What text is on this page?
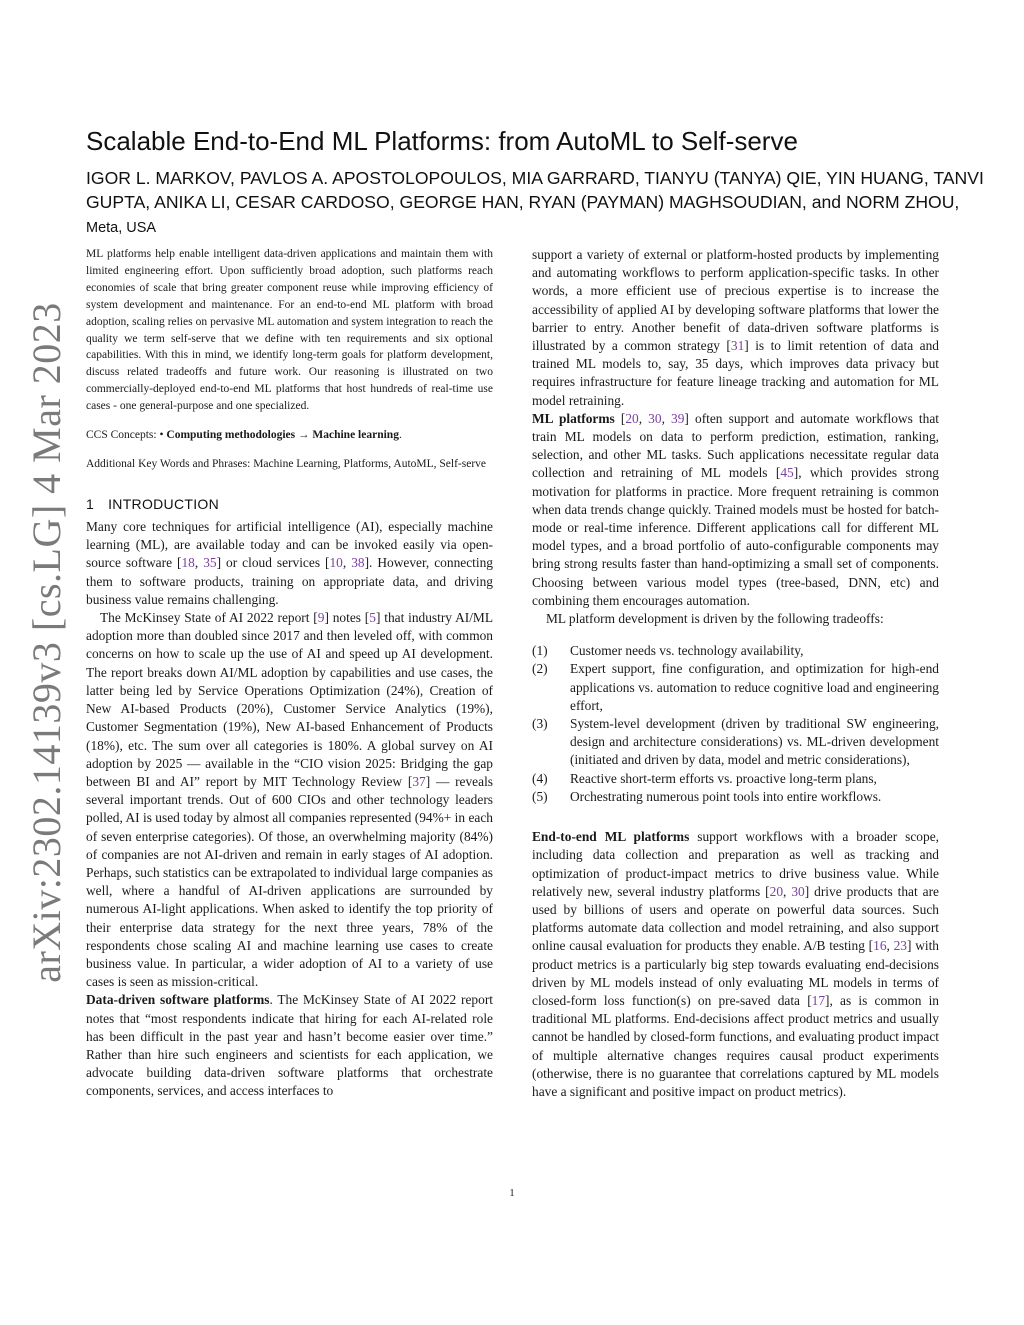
arXiv:2302.14139v3 [cs.LG] 4 Mar 2023
Scalable End-to-End ML Platforms: from AutoML to Self-serve
IGOR L. MARKOV, PAVLOS A. APOSTOLOPOULOS, MIA GARRARD, TIANYU (TANYA) QIE, YIN HUANG, TANVI GUPTA, ANIKA LI, CESAR CARDOSO, GEORGE HAN, RYAN (PAYMAN) MAGHSOUDIAN, and NORM ZHOU, Meta, USA

ML platforms help enable intelligent data-driven applications and maintain them with limited engineering effort. Upon sufficiently broad adoption, such platforms reach economies of scale that bring greater component reuse while improving efficiency of system development and maintenance. For an end-to-end ML platform with broad adoption, scaling relies on pervasive ML automation and system integration to reach the quality we term self-serve that we define with ten requirements and six optional capabilities. With this in mind, we identify long-term goals for platform development, discuss related tradeoffs and future work. Our reasoning is illustrated on two commercially-deployed end-to-end ML platforms that host hundreds of real-time use cases - one general-purpose and one specialized.

CCS Concepts: • Computing methodologies → Machine learning.

Additional Key Words and Phrases: Machine Learning, Platforms, AutoML, Self-serve

1 INTRODUCTION

Many core techniques for artificial intelligence (AI), especially machine learning (ML), are available today and can be invoked easily via open-source software [18, 35] or cloud services [10, 38]. However, connecting them to software products, training on appropriate data, and driving business value remains challenging.

The McKinsey State of AI 2022 report [9] notes [5] that industry AI/ML adoption more than doubled since 2017 and then leveled off, with common concerns on how to scale up the use of AI and speed up AI development. The report breaks down AI/ML adoption by capabilities and use cases, the latter being led by Service Operations Optimization (24%), Creation of New AI-based Products (20%), Customer Service Analytics (19%), Customer Segmentation (19%), New AI-based Enhancement of Products (18%), etc. The sum over all categories is 180%. A global survey on AI adoption by 2025 — available in the “CIO vision 2025: Bridging the gap between BI and AI” report by MIT Technology Review [37] — reveals several important trends. Out of 600 CIOs and other technology leaders polled, AI is used today by almost all companies represented (94%+ in each of seven enterprise categories). Of those, an overwhelming majority (84%) of companies are not AI-driven and remain in early stages of AI adoption. Perhaps, such statistics can be extrapolated to individual large companies as well, where a handful of AI-driven applications are surrounded by numerous AI-light applications. When asked to identify the top priority of their enterprise data strategy for the next three years, 78% of the respondents chose scaling AI and machine learning use cases to create business value. In particular, a wider adoption of AI to a variety of use cases is seen as mission-critical.

Data-driven software platforms. The McKinsey State of AI 2022 report notes that “most respondents indicate that hiring for each AI-related role has been difficult in the past year and hasn’t become easier over time.” Rather than hire such engineers and scientists for each application, we advocate building data-driven software platforms that orchestrate components, services, and access interfaces to

support a variety of external or platform-hosted products by implementing and automating workflows to perform application-specific tasks. In other words, a more efficient use of precious expertise is to increase the accessibility of applied AI by developing software platforms that lower the barrier to entry. Another benefit of data-driven software platforms is illustrated by a common strategy [31] is to limit retention of data and trained ML models to, say, 35 days, which improves data privacy but requires infrastructure for feature lineage tracking and automation for ML model retraining.

ML platforms [20, 30, 39] often support and automate workflows that train ML models on data to perform prediction, estimation, ranking, selection, and other ML tasks. Such applications necessitate regular data collection and retraining of ML models [45], which provides strong motivation for platforms in practice. More frequent retraining is common when data trends change quickly. Trained models must be hosted for batch-mode or real-time inference. Different applications call for different ML model types, and a broad portfolio of auto-configurable components may bring strong results faster than hand-optimizing a small set of components. Choosing between various model types (tree-based, DNN, etc) and combining them encourages automation.

ML platform development is driven by the following tradeoffs:

(1) Customer needs vs. technology availability,
(2) Expert support, fine configuration, and optimization for high-end applications vs. automation to reduce cognitive load and engineering effort,
(3) System-level development (driven by traditional SW engineering, design and architecture considerations) vs. ML-driven development (initiated and driven by data, model and metric considerations),
(4) Reactive short-term efforts vs. proactive long-term plans,
(5) Orchestrating numerous point tools into entire workflows.

End-to-end ML platforms support workflows with a broader scope, including data collection and preparation as well as tracking and optimization of product-impact metrics to drive business value. While relatively new, several industry platforms [20, 30] drive products that are used by billions of users and operate on powerful data sources. Such platforms automate data collection and model retraining, and also support online causal evaluation for products they enable. A/B testing [16, 23] with product metrics is a particularly big step towards evaluating end-decisions driven by ML models instead of only evaluating ML models in terms of closed-form loss function(s) on pre-saved data [17], as is common in traditional ML platforms. End-decisions affect product metrics and usually cannot be handled by closed-form functions, and evaluating product impact of multiple alternative changes requires causal product experiments (otherwise, there is no guarantee that correlations captured by ML models have a significant and positive impact on product metrics).

1
